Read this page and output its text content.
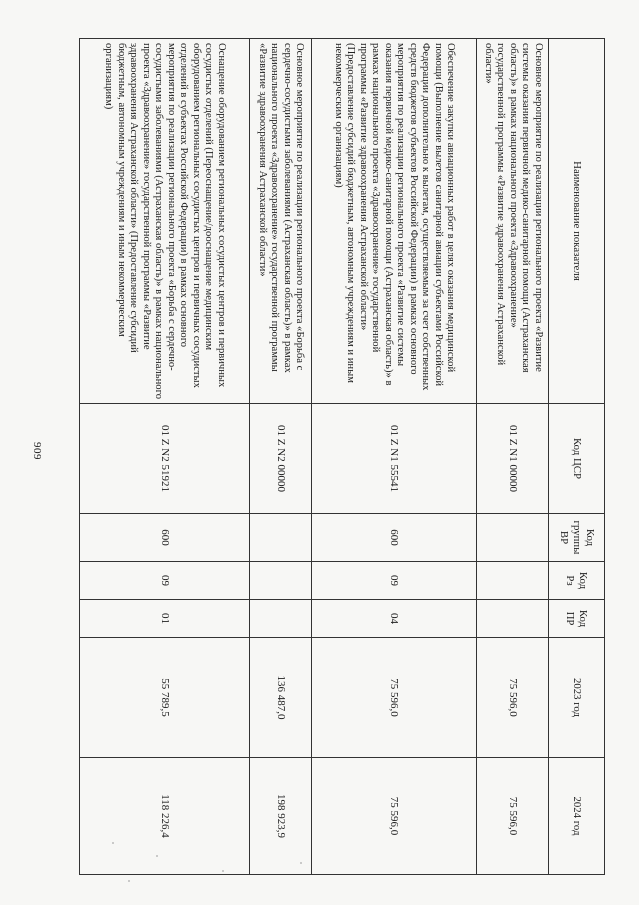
909
Наименование показателя	Код ЦСР	Код группы ВР	Код Рз	Код ПР	2023 год	2024 год
Основное мероприятие по реализации регионального проекта «Развитие системы оказания первичной медико-санитарной помощи (Астраханская область)» в рамках национального проекта «Здравоохранение» государственной программы «Развитие здравоохранения Астраханской области»	01 Z N1 00000				75 596,0	75 596,0
Обеспечение закупки авиационных работ в целях оказания медицинской помощи (Выполнение вылетов санитарной авиации субъектами Российской Федерации дополнительно к вылетам, осуществляемым за счет собственных средств бюджетов субъектов Российской Федерации) в рамках основного мероприятия по реализации регионального проекта «Развитие системы оказания первичной медико-санитарной помощи (Астраханская область)» в рамках национального проекта «Здравоохранение» государственной программы «Развитие здравоохранения Астраханской области» (Предоставление субсидий бюджетным, автономным учреждениям и иным некоммерческим организациям)	01 Z N1 55541	600	09	04	75 596,0	75 596,0
Основное мероприятие по реализации регионального проекта «Борьба с сердечно-сосудистыми заболеваниями (Астраханская область)» в рамках национального проекта «Здравоохранение» государственной программы «Развитие здравоохранения Астраханской области»	01 Z N2 00000				136 487,0	198 923,9
Оснащение оборудованием региональных сосудистых центров и первичных сосудистых отделений (Переоснащение/дооснащение медицинским оборудованием региональных сосудистых центров и первичных сосудистых отделений в субъектах Российской Федерации) в рамках основного мероприятия по реализации регионального проекта «Борьба с сердечно-сосудистыми заболеваниями (Астраханская область)» в рамках национального проекта «Здравоохранение» государственной программы «Развитие здравоохранения Астраханской области» (Предоставление субсидий бюджетным, автономным учреждениям и иным некоммерческим организациям)	01 Z N2 51921	600	09	01	55 789,5	118 226,4
